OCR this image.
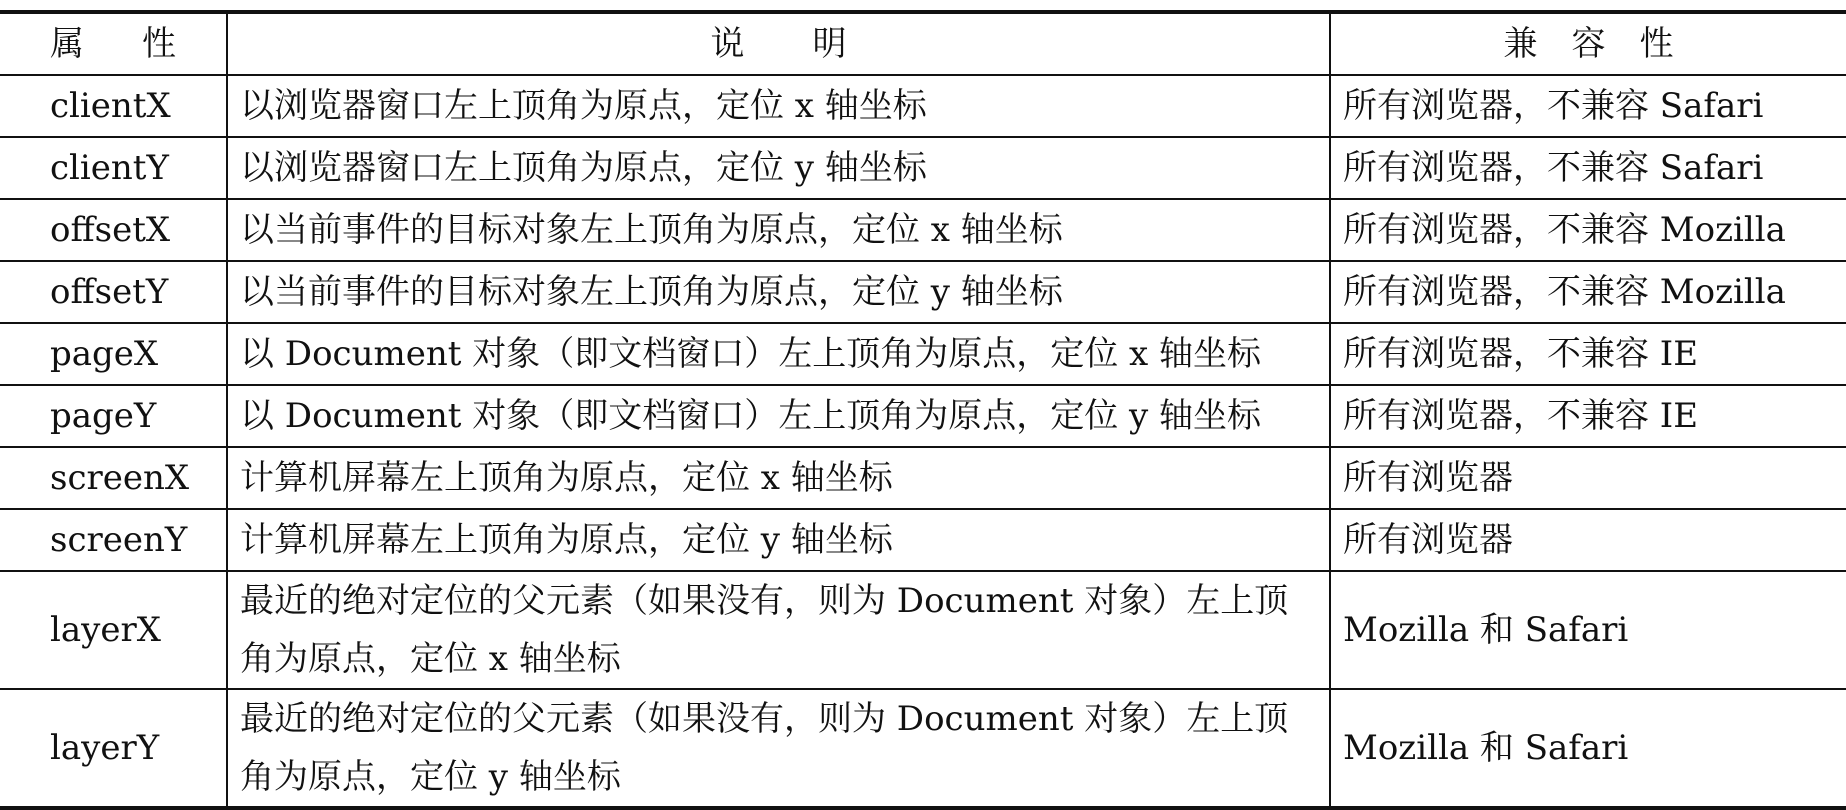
属 性	说　　明	兼　容　性
clientX	以浏览器窗口左上顶角为原点，定位 x 轴坐标	所有浏览器，不兼容 Safari
clientY	以浏览器窗口左上顶角为原点，定位 y 轴坐标	所有浏览器，不兼容 Safari
offsetX	以当前事件的目标对象左上顶角为原点，定位 x 轴坐标	所有浏览器，不兼容 Mozilla
offsetY	以当前事件的目标对象左上顶角为原点，定位 y 轴坐标	所有浏览器，不兼容 Mozilla
pageX	以 Document 对象（即文档窗口）左上顶角为原点，定位 x 轴坐标	所有浏览器，不兼容 IE
pageY	以 Document 对象（即文档窗口）左上顶角为原点，定位 y 轴坐标	所有浏览器，不兼容 IE
screenX	计算机屏幕左上顶角为原点，定位 x 轴坐标	所有浏览器
screenY	计算机屏幕左上顶角为原点，定位 y 轴坐标	所有浏览器
layerX	最近的绝对定位的父元素（如果没有，则为 Document 对象）左上顶角为原点，定位 x 轴坐标	Mozilla 和 Safari
layerY	最近的绝对定位的父元素（如果没有，则为 Document 对象）左上顶角为原点，定位 y 轴坐标	Mozilla 和 Safari
